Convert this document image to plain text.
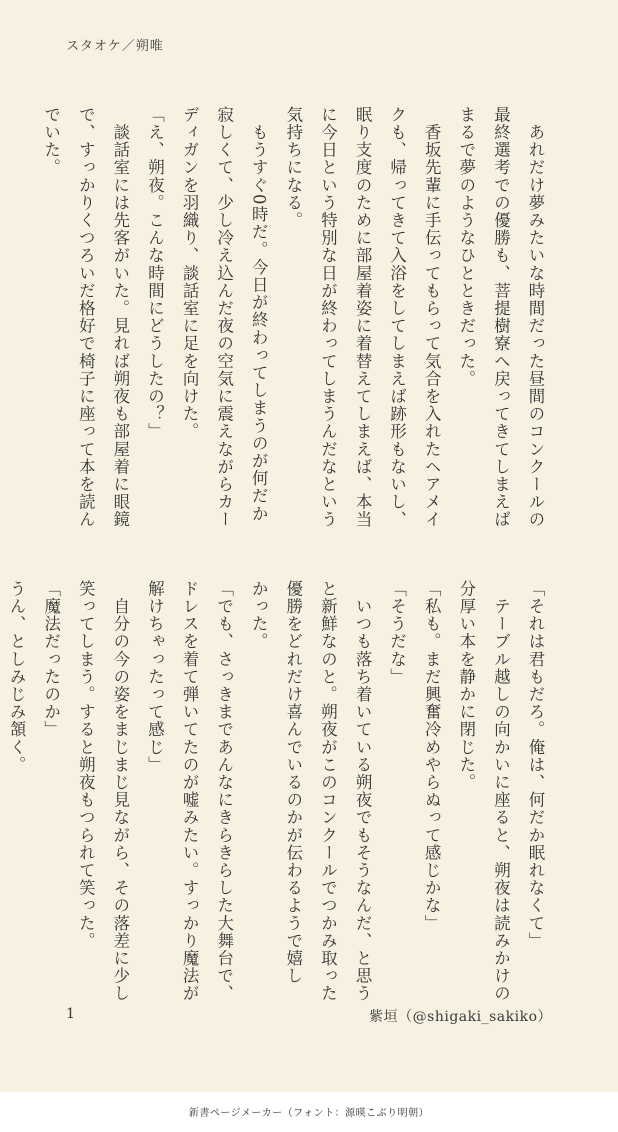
スタオケ／朔唯

　あれだけ夢みたいな時間だった昼間のコンクールの

最終選考での優勝も、菩提樹寮へ戻ってきてしまえば

まるで夢のようなひとときだった。

　香坂先輩に手伝ってもらって気合を入れたヘアメイ

クも、帰ってきて入浴をしてしまえば跡形もないし、

眠り支度のために部屋着姿に着替えてしまえば、本当

に今日という特別な日が終わってしまうんだなという

気持ちになる。

　もうすぐ0時だ。今日が終わってしまうのが何だか

寂しくて、少し冷え込んだ夜の空気に震えながらカー

ディガンを羽織り、談話室に足を向けた。

「え、朔夜。こんな時間にどうしたの？」

　談話室には先客がいた。見れば朔夜も部屋着に眼鏡

で、すっかりくつろいだ格好で椅子に座って本を読ん

でいた。

「それは君もだろ。俺は、何だか眠れなくて」

　テーブル越しの向かいに座ると、朔夜は読みかけの

分厚い本を静かに閉じた。

「私も。まだ興奮冷めやらぬって感じかな」

「そうだな」

　いつも落ち着いている朔夜でもそうなんだ、と思う

と新鮮なのと。朔夜がこのコンクールでつかみ取った

優勝をどれだけ喜んでいるのかが伝わるようで嬉し

かった。

「でも、さっきまであんなにきらきらした大舞台で、

ドレスを着て弾いてたのが嘘みたい。すっかり魔法が

解けちゃったって感じ」

　自分の今の姿をまじまじ見ながら、その落差に少し

笑ってしまう。すると朔夜もつられて笑った。

「魔法だったのか」

うん、としみじみ頷く。

1	紫垣（@shigaki_sakiko）
新書ページメーカー（フォント：源暎こぶり明朝）
